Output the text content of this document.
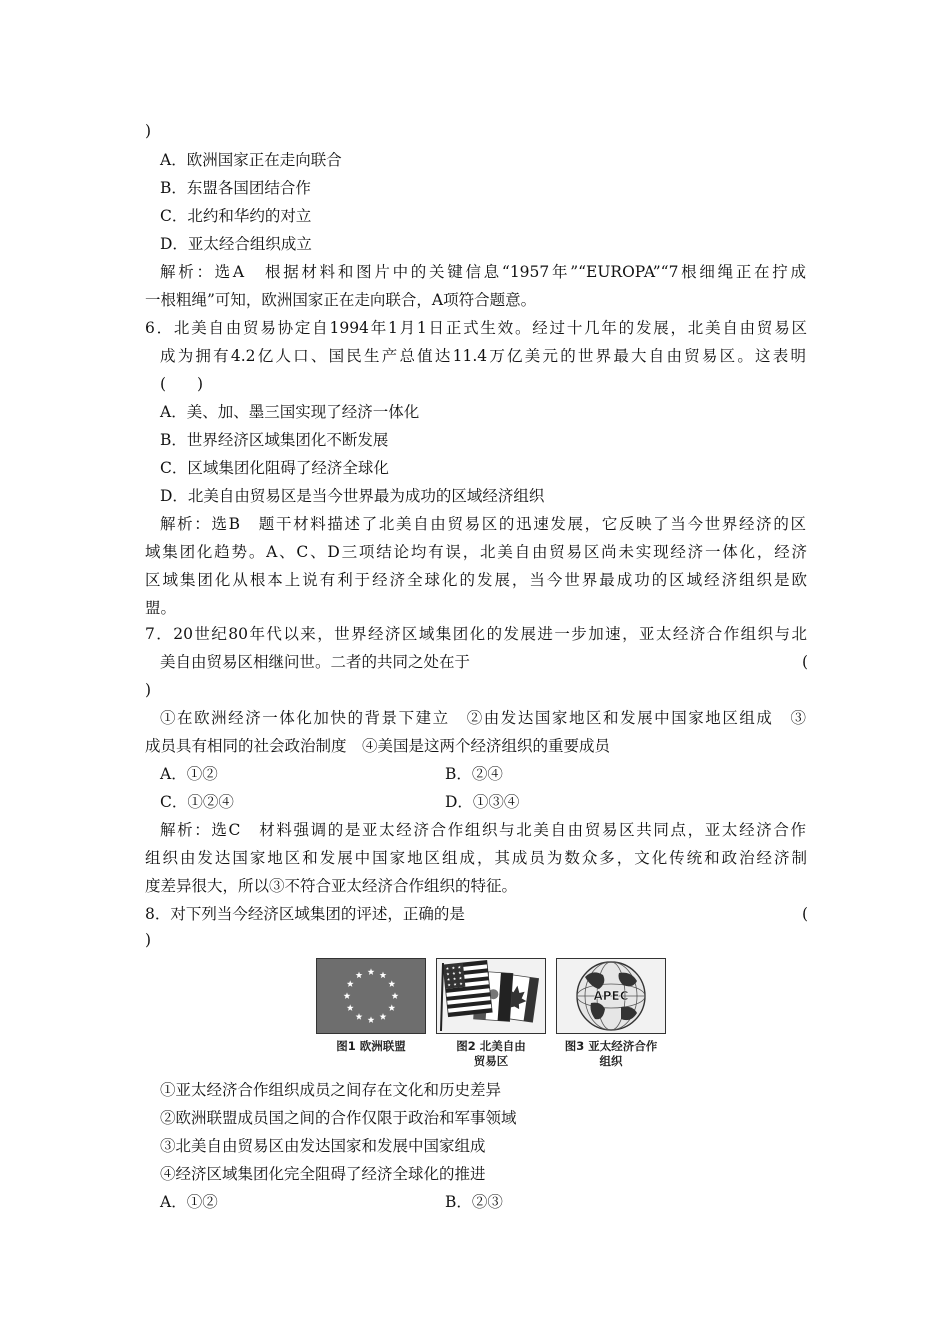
)
A．欧洲国家正在走向联合
B．东盟各国团结合作
C．北约和华约的对立
D．亚太经合组织成立
解析：选A　根据材料和图片中的关键信息“1957年”“EUROPA”“7根细绳正在拧成
一根粗绳”可知，欧洲国家正在走向联合，A项符合题意。
6．北美自由贸易协定自1994年1月1日正式生效。经过十几年的发展，北美自由贸易区
成为拥有4.2亿人口、国民生产总值达11.4万亿美元的世界最大自由贸易区。这表明
(　　)
A．美、加、墨三国实现了经济一体化
B．世界经济区域集团化不断发展
C．区域集团化阻碍了经济全球化
D．北美自由贸易区是当今世界最为成功的区域经济组织
解析：选B　题干材料描述了北美自由贸易区的迅速发展，它反映了当今世界经济的区
域集团化趋势。A、C、D三项结论均有误，北美自由贸易区尚未实现经济一体化，经济
区域集团化从根本上说有利于经济全球化的发展，当今世界最成功的区域经济组织是欧
盟。
7．20世纪80年代以来，世界经济区域集团化的发展进一步加速，亚太经济合作组织与北
美自由贸易区相继问世。二者的共同之处在于	(
)
①在欧洲经济一体化加快的背景下建立　②由发达国家地区和发展中国家地区组成　③
成员具有相同的社会政治制度　④美国是这两个经济组织的重要成员
A．①②	B．②④
C．①②④	D．①③④
解析：选C　材料强调的是亚太经济合作组织与北美自由贸易区共同点，亚太经济合作
组织由发达国家地区和发展中国家地区组成，其成员为数众多，文化传统和政治经济制
度差异很大，所以③不符合亚太经济合作组织的特征。
8．对下列当今经济区域集团的评述，正确的是	(
)
图1 欧洲联盟	图2 北美自由
贸易区
APEC
图3 亚太经济合作
组织
①亚太经济合作组织成员之间存在文化和历史差异
②欧洲联盟成员国之间的合作仅限于政治和军事领域
③北美自由贸易区由发达国家和发展中国家组成
④经济区域集团化完全阻碍了经济全球化的推进
A．①②	B．②③
